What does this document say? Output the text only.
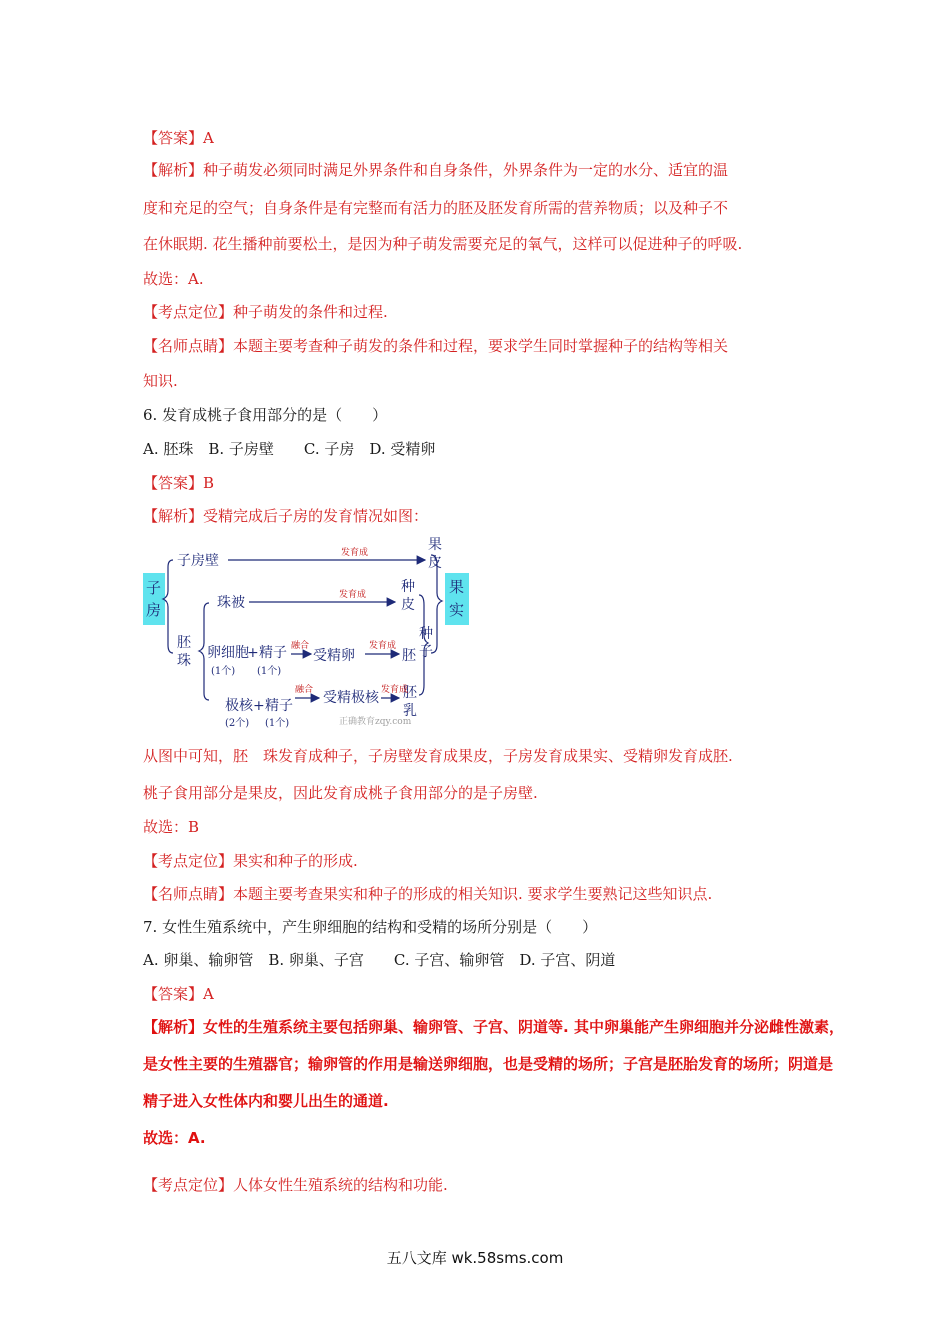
【答案】A
【解析】种子萌发必须同时满足外界条件和自身条件，外界条件为一定的水分、适宜的温
度和充足的空气；自身条件是有完整而有活力的胚及胚发育所需的营养物质；以及种子不
在休眠期. 花生播种前要松土，是因为种子萌发需要充足的氧气，这样可以促进种子的呼吸.
故选：A.
【考点定位】种子萌发的条件和过程.
【名师点睛】本题主要考查种子萌发的条件和过程，要求学生同时掌握种子的结构等相关
知识.
6. 发育成桃子食用部分的是（　　）
A. 胚珠　B. 子房壁　　C. 子房　D. 受精卵
【答案】B
【解析】受精完成后子房的发育情况如图：
子
房
果
实
子房壁
胚
珠
珠被
卵细胞
+ 精子 受精卵
极核 + 精子 受精极核
果
皮
种
皮
种
子
胚
胚
乳
(1个) (1个)
(2个) (1个)
发育成
发育成
融合	发育成
融合	发育成
正确教育zqy.com
从图中可知，胚　珠发育成种子，子房壁发育成果皮，子房发育成果实、受精卵发育成胚.
桃子食用部分是果皮，因此发育成桃子食用部分的是子房壁.
故选：B
【考点定位】果实和种子的形成.
【名师点睛】本题主要考查果实和种子的形成的相关知识. 要求学生要熟记这些知识点.
7. 女性生殖系统中，产生卵细胞的结构和受精的场所分别是（　　）
A. 卵巢、输卵管　B. 卵巢、子宫　　C. 子宫、输卵管　D. 子宫、阴道
【答案】A
【解析】女性的生殖系统主要包括卵巢、输卵管、子宫、阴道等. 其中卵巢能产生卵细胞并分泌雌性激素，
是女性主要的生殖器官；输卵管的作用是输送卵细胞，也是受精的场所；子宫是胚胎发育的场所；阴道是
精子进入女性体内和婴儿出生的通道.
故选：A.
【考点定位】人体女性生殖系统的结构和功能.
五八文库 wk.58sms.com
